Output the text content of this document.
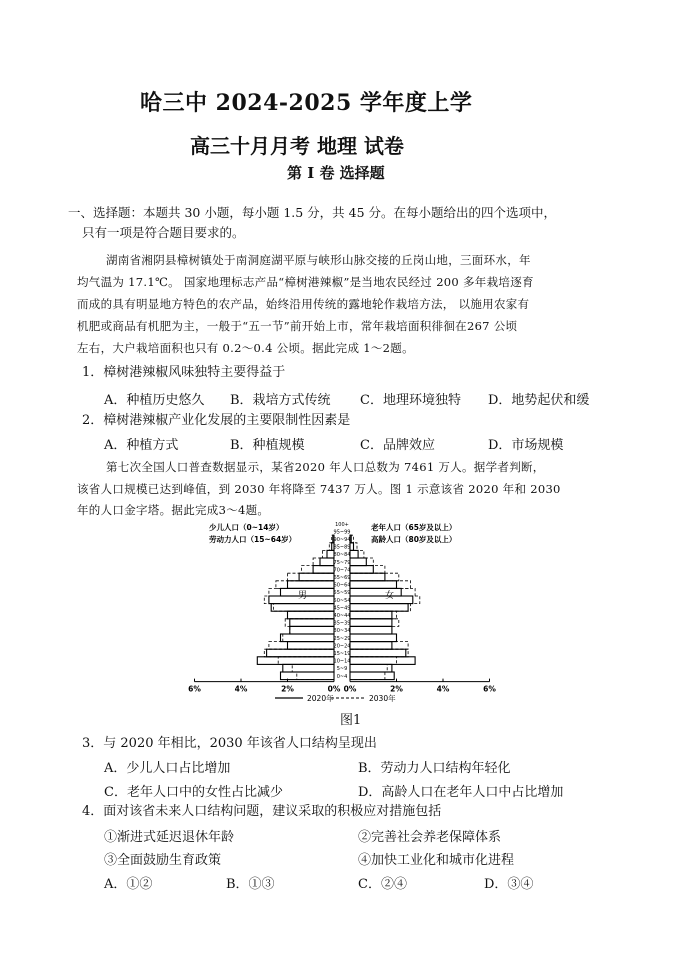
哈三中 2024-2025 学年度上学
高三十月月考 地理 试卷
第 I 卷 选择题
一、选择题：本题共 30 小题，每小题 1.5 分，共 45 分。在每小题给出的四个选项中，
只有一项是符合题目要求的。
湖南省湘阴县樟树镇处于南洞庭湖平原与峡形山脉交接的丘岗山地，三面环水，年
均气温为 17.1℃。 国家地理标志产品“樟树港辣椒”是当地农民经过 200 多年栽培逐育
而成的具有明显地方特色的农产品，始终沿用传统的露地轮作栽培方法， 以施用农家有
机肥或商品有机肥为主，一般于“五一节”前开始上市，常年栽培面积徘徊在267 公顷
左右，大户栽培面积也只有 0.2～0.4 公顷。据此完成 1～2题。
1．樟树港辣椒风味独特主要得益于
A．种植历史悠久 B．栽培方式传统 C．地理环境独特 D．地势起伏和缓
2．樟树港辣椒产业化发展的主要限制性因素是
A．种植方式	B．种植规模	C．品牌效应	D．市场规模
第七次全国人口普查数据显示，某省2020 年人口总数为 7461 万人。据学者判断，
该省人口规模已达到峰值，到 2030 年将降至 7437 万人。图 1 示意该省 2020 年和 2030
年的人口金字塔。据此完成3～4题。
少儿人口（0~14岁）
劳动力人口（15~64岁）
老年人口（65岁及以上）
高龄人口（80岁及以上）
100+
95~99
90~94
85~89
80~84
75~79
70~74
65~69
60~64
55~59
50~54
45~49
40~44
35~39
30~34
25~29
20~24
15~19
10~14
5~9
0~4
男	女
6%	4%	2%	0% 0%	2%	4%	6%
2020年	2030年
图1
3．与 2020 年相比，2030 年该省人口结构呈现出
A．少儿人口占比增加	B．劳动力人口结构年轻化
C．老年人口中的女性占比减少	D．高龄人口在老年人口中占比增加
4．面对该省未来人口结构问题，建议采取的积极应对措施包括
①渐进式延迟退休年龄	②完善社会养老保障体系
③全面鼓励生育政策	④加快工业化和城市化进程
A．①②	B．①③	C．②④	D．③④
